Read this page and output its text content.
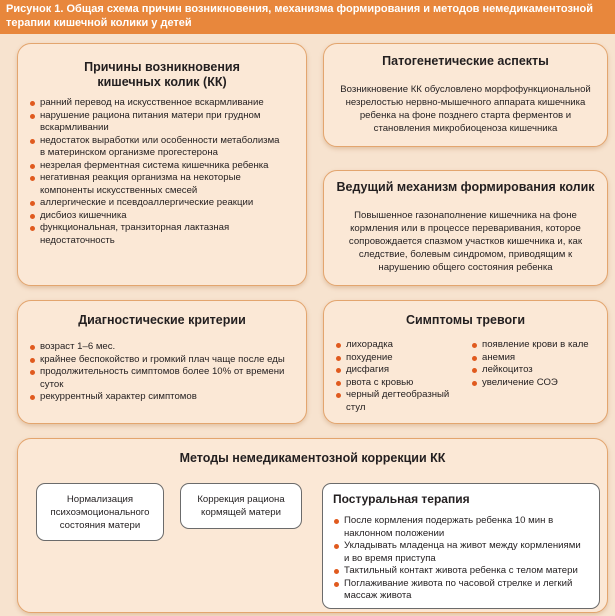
Рисунок 1. Общая схема причин возникновения, механизма формирования и методов немедикаментозной
терапии кишечной колики у детей
Причины возникновения
кишечных колик (КК)
ранний перевод на искусственное вскармливание
нарушение рациона питания матери при грудном
вскармливании
недостаток выработки или особенности метаболизма
в материнском организме прогестерона
незрелая ферментная система кишечника ребенка
негативная реакция организма на некоторые
компоненты искусственных смесей
аллергические и псевдоаллергические реакции
дисбиоз кишечника
функциональная, транзиторная лактазная
недостаточность
Патогенетические аспекты
Возникновение КК обусловлено морфофункциональной
незрелостью нервно-мышечного аппарата кишечника
ребенка на фоне позднего старта ферментов и
становления микробиоценоза кишечника
Ведущий механизм формирования колик
Повышенное газонаполнение кишечника на фоне
кормления или в процессе переваривания, которое
сопровождается спазмом участков кишечника и, как
следствие, болевым синдромом, приводящим к
нарушению общего состояния ребенка
Диагностические критерии
возраст 1–6 мес.
крайнее беспокойство и громкий плач чаще после еды
продолжительность симптомов более 10% от времени
суток
рекуррентный характер симптомов
Симптомы тревоги
лихорадка
похудение
дисфагия
рвота с кровью
черный дегтеобразный стул
появление крови в кале
анемия
лейкоцитоз
увеличение СОЭ
Методы немедикаментозной коррекции КК
Нормализация
психоэмоционального
состояния матери
Коррекция рациона
кормящей матери
Постуральная терапия
После кормления подержать ребенка 10 мин в
наклонном положении
Укладывать младенца на живот между кормлениями
и во время приступа
Тактильный контакт живота ребенка с телом матери
Поглаживание живота по часовой стрелке и легкий
массаж живота
